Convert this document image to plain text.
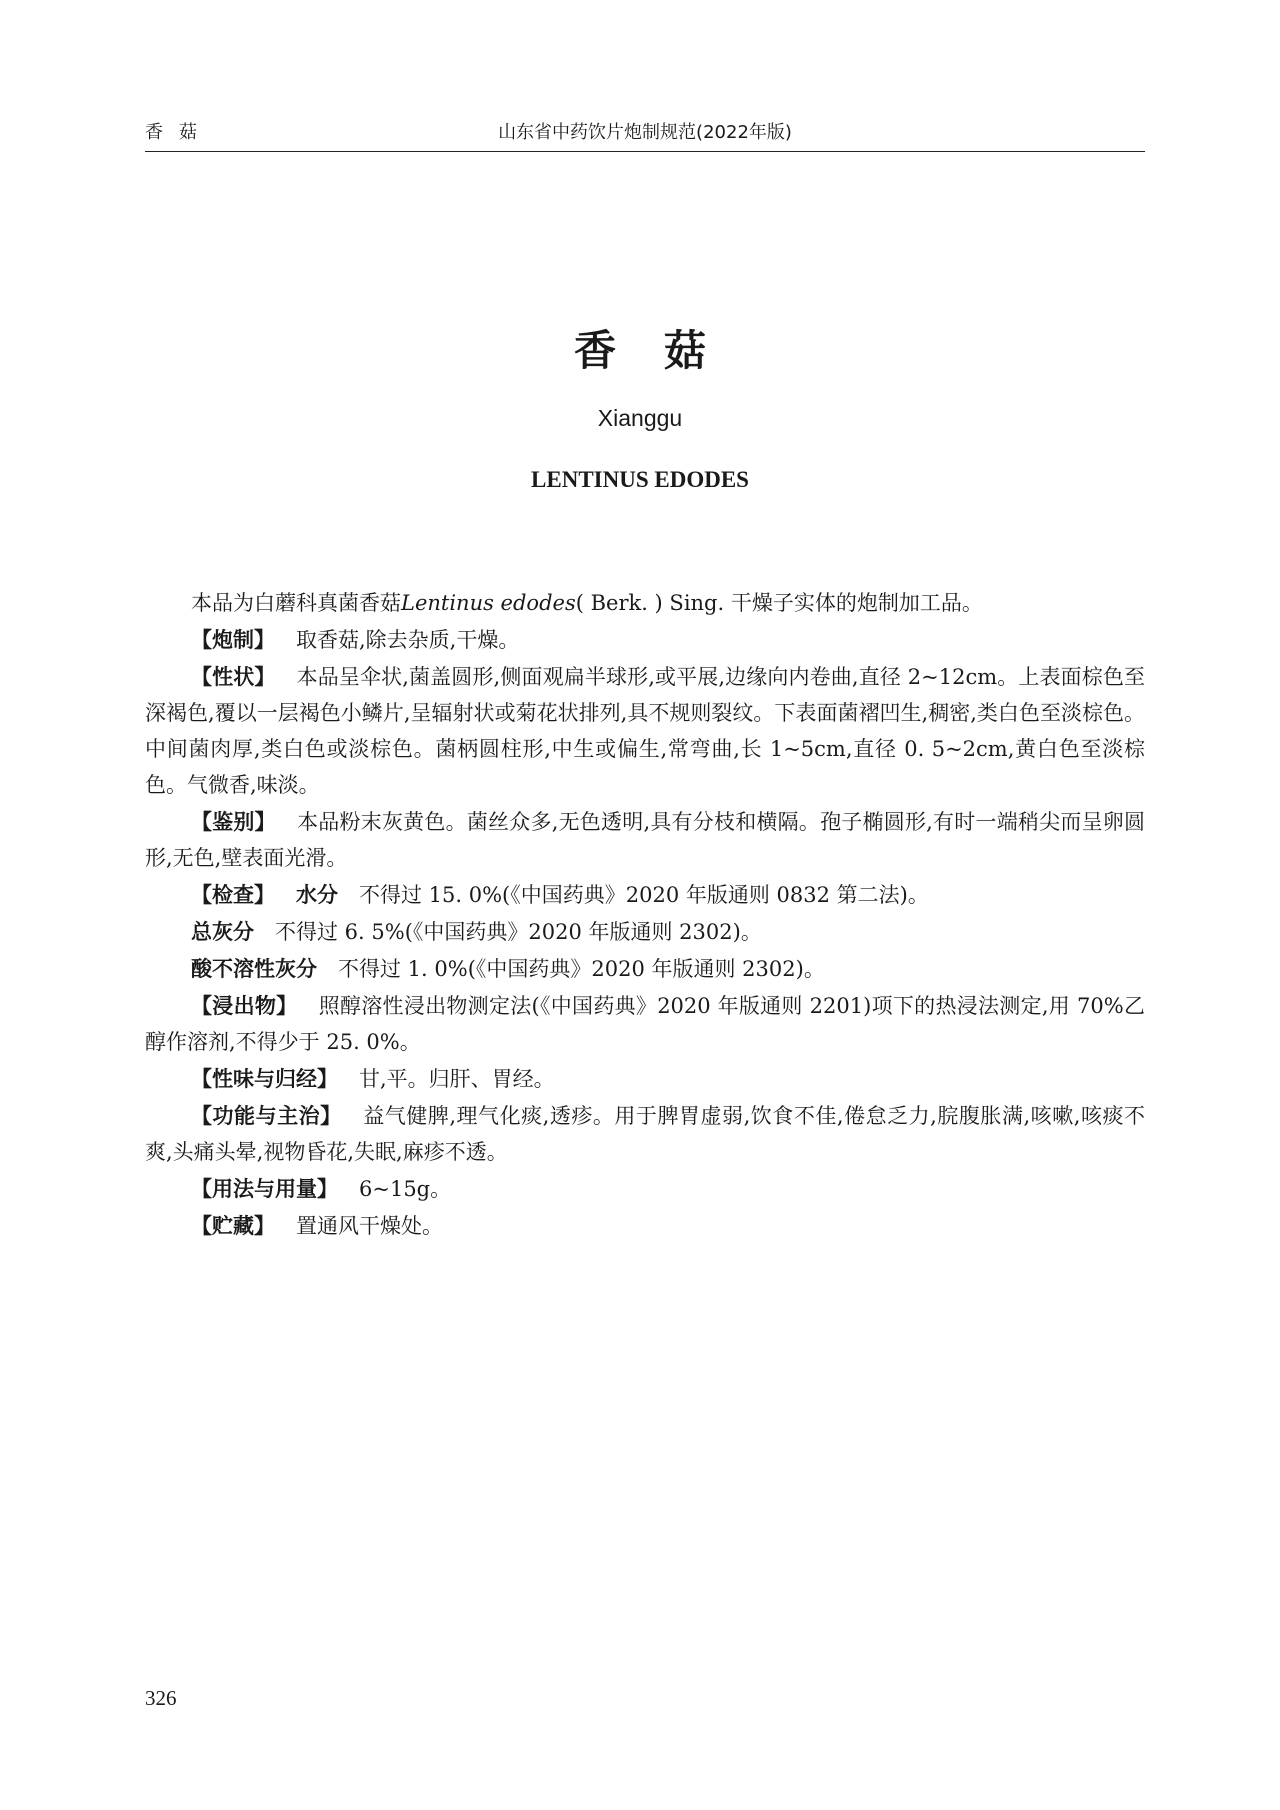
香菇	山东省中药饮片炮制规范(2022年版)
香菇
Xianggu
LENTINUS EDODES

本品为白蘑科真菌香菇Lentinus edodes( Berk. ) Sing. 干燥子实体的炮制加工品。

【炮制】  取香菇,除去杂质,干燥。

【性状】  本品呈伞状,菌盖圆形,侧面观扁半球形,或平展,边缘向内卷曲,直径 2~12cm。上表面棕色至深褐色,覆以一层褐色小鳞片,呈辐射状或菊花状排列,具不规则裂纹。下表面菌褶凹生,稠密,类白色至淡棕色。中间菌肉厚,类白色或淡棕色。菌柄圆柱形,中生或偏生,常弯曲,长 1~5cm,直径 0. 5~2cm,黄白色至淡棕色。气微香,味淡。

【鉴别】  本品粉末灰黄色。菌丝众多,无色透明,具有分枝和横隔。孢子椭圆形,有时一端稍尖而呈卵圆形,无色,壁表面光滑。

【检查】  水分  不得过 15. 0%(《中国药典》2020 年版通则 0832 第二法)。

总灰分  不得过 6. 5%(《中国药典》2020 年版通则 2302)。

酸不溶性灰分  不得过 1. 0%(《中国药典》2020 年版通则 2302)。

【浸出物】  照醇溶性浸出物测定法(《中国药典》2020 年版通则 2201)项下的热浸法测定,用 70%乙醇作溶剂,不得少于 25. 0%。

【性味与归经】  甘,平。归肝、胃经。

【功能与主治】  益气健脾,理气化痰,透疹。用于脾胃虚弱,饮食不佳,倦怠乏力,脘腹胀满,咳嗽,咳痰不爽,头痛头晕,视物昏花,失眠,麻疹不透。

【用法与用量】  6~15g。

【贮藏】  置通风干燥处。

326
